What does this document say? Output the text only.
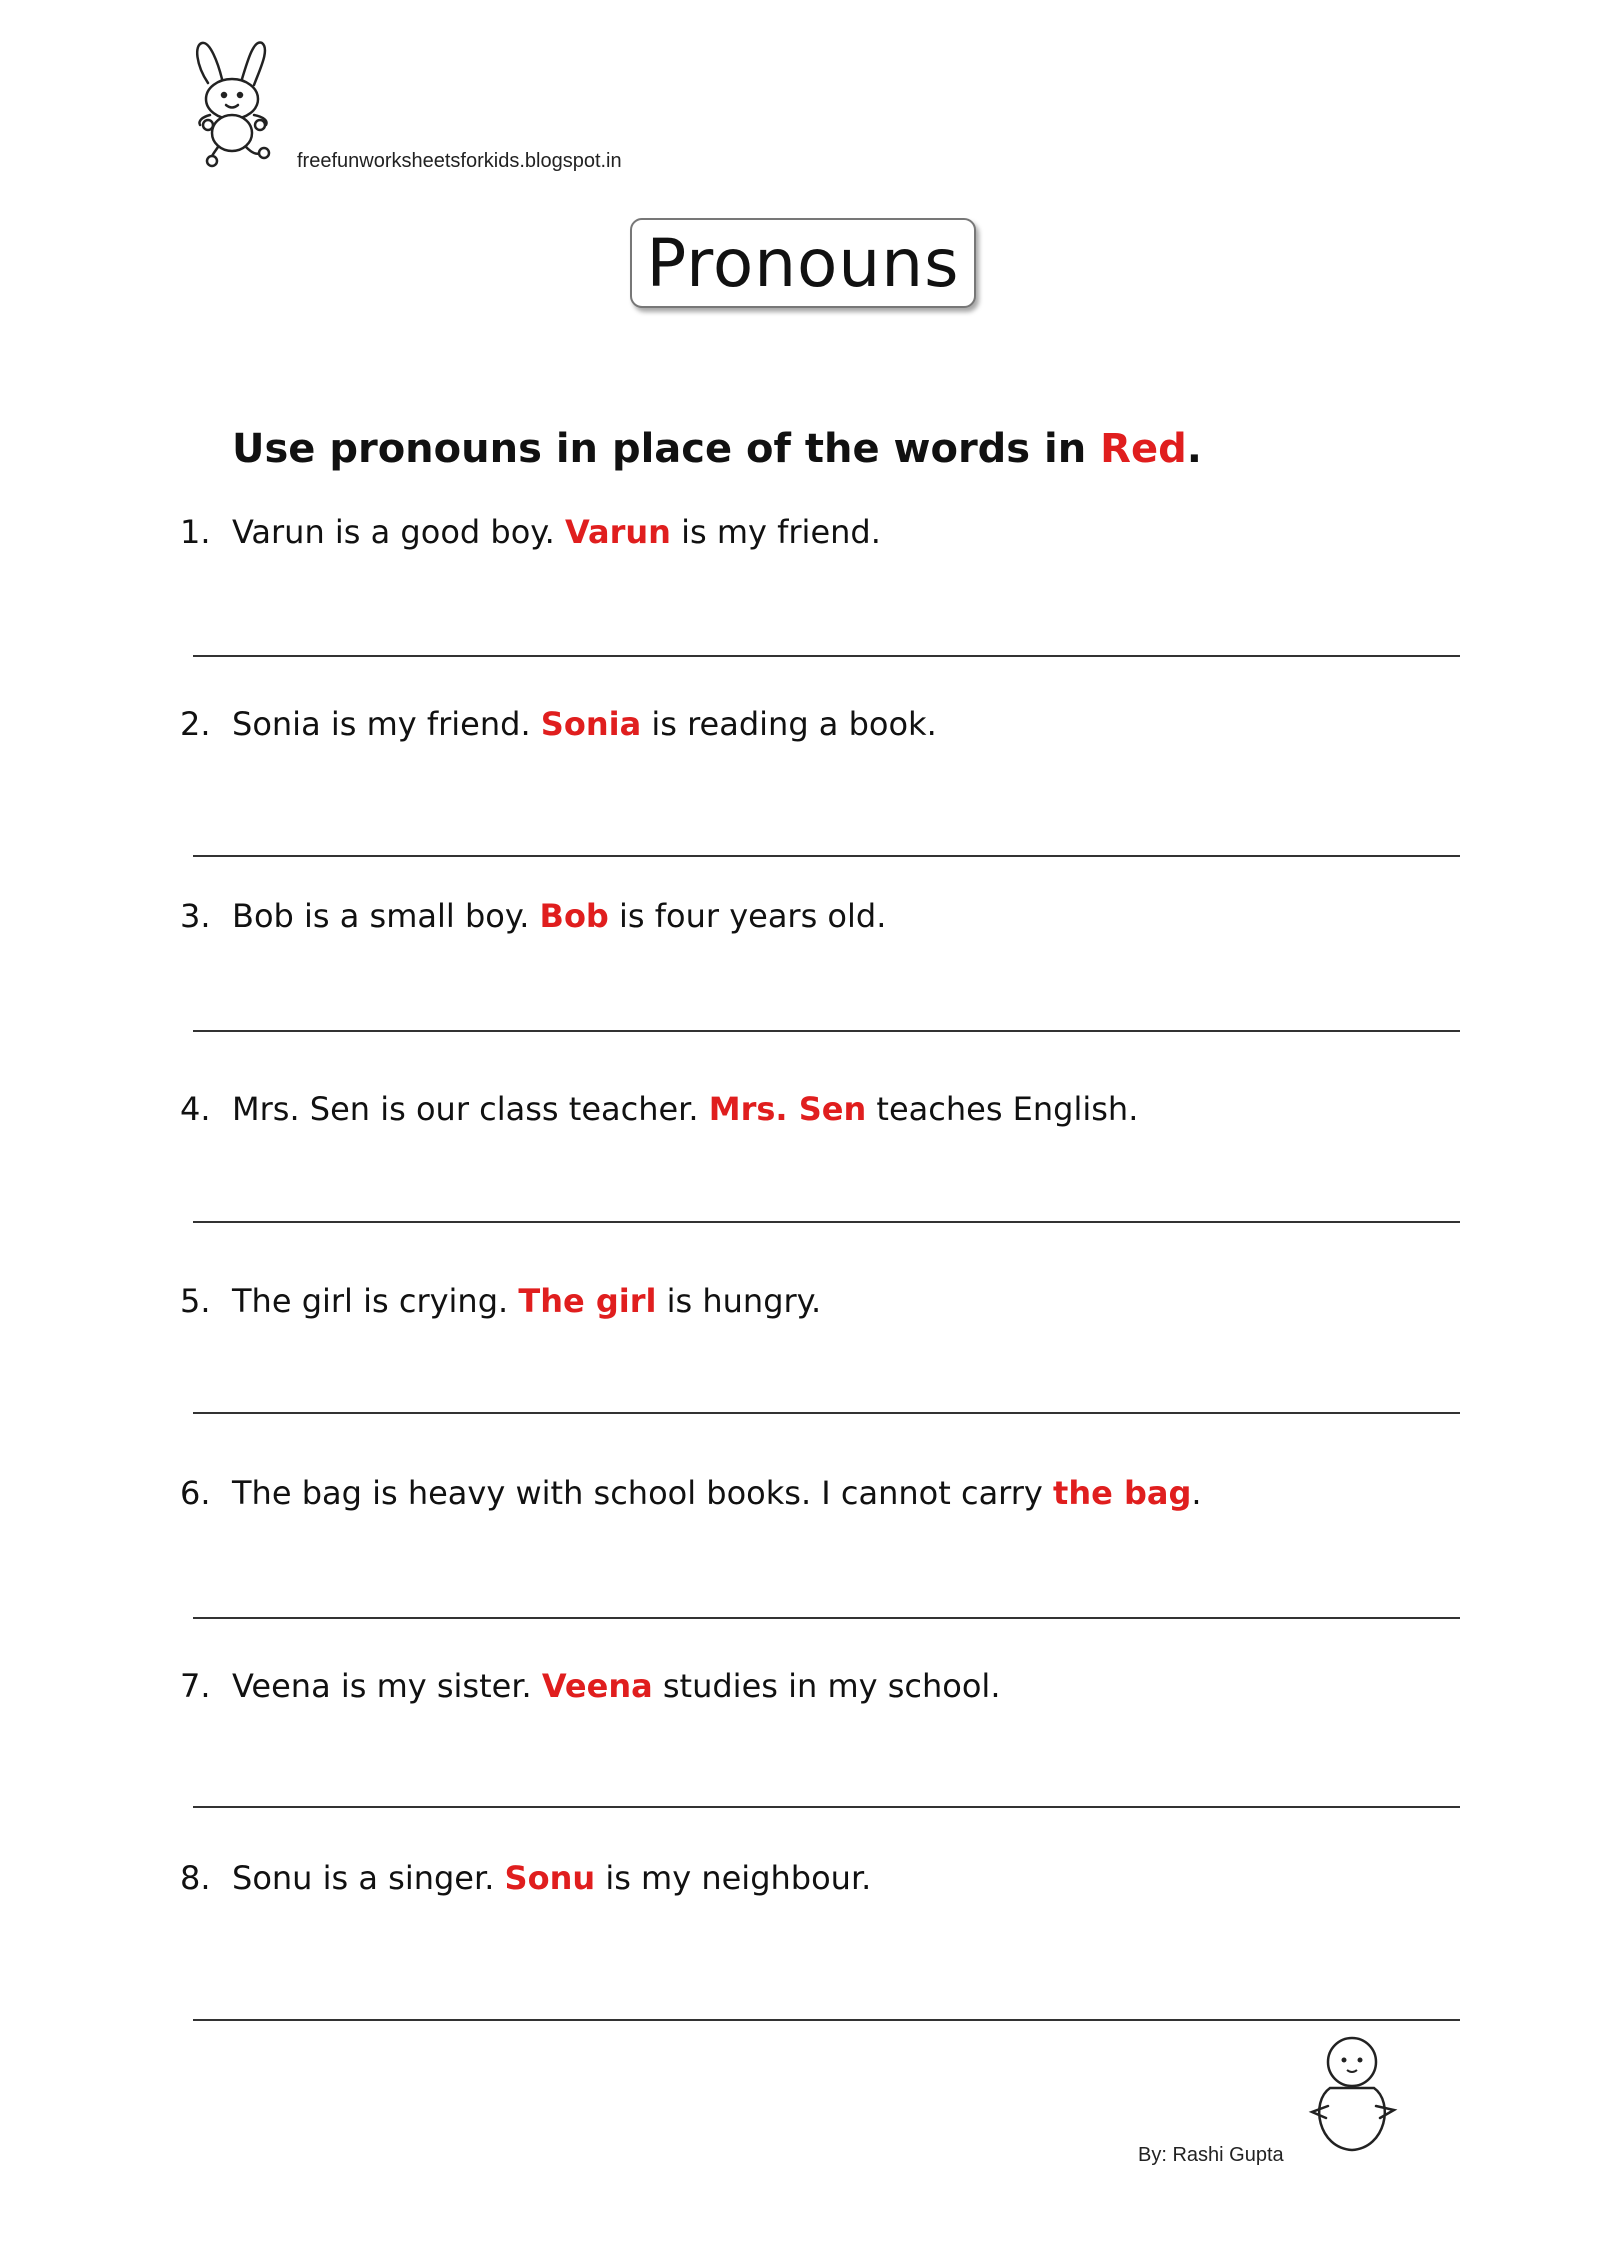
freefunworksheetsforkids.blogspot.in
Pronouns
Use pronouns in place of the words in Red.
1. Varun is a good boy. Varun is my friend.
2. Sonia is my friend. Sonia is reading a book.
3. Bob is a small boy. Bob is four years old.
4. Mrs. Sen is our class teacher. Mrs. Sen teaches English.
5. The girl is crying. The girl is hungry.
6. The bag is heavy with school books. I cannot carry the bag.
7. Veena is my sister. Veena studies in my school.
8. Sonu is a singer. Sonu is my neighbour.
By: Rashi Gupta
